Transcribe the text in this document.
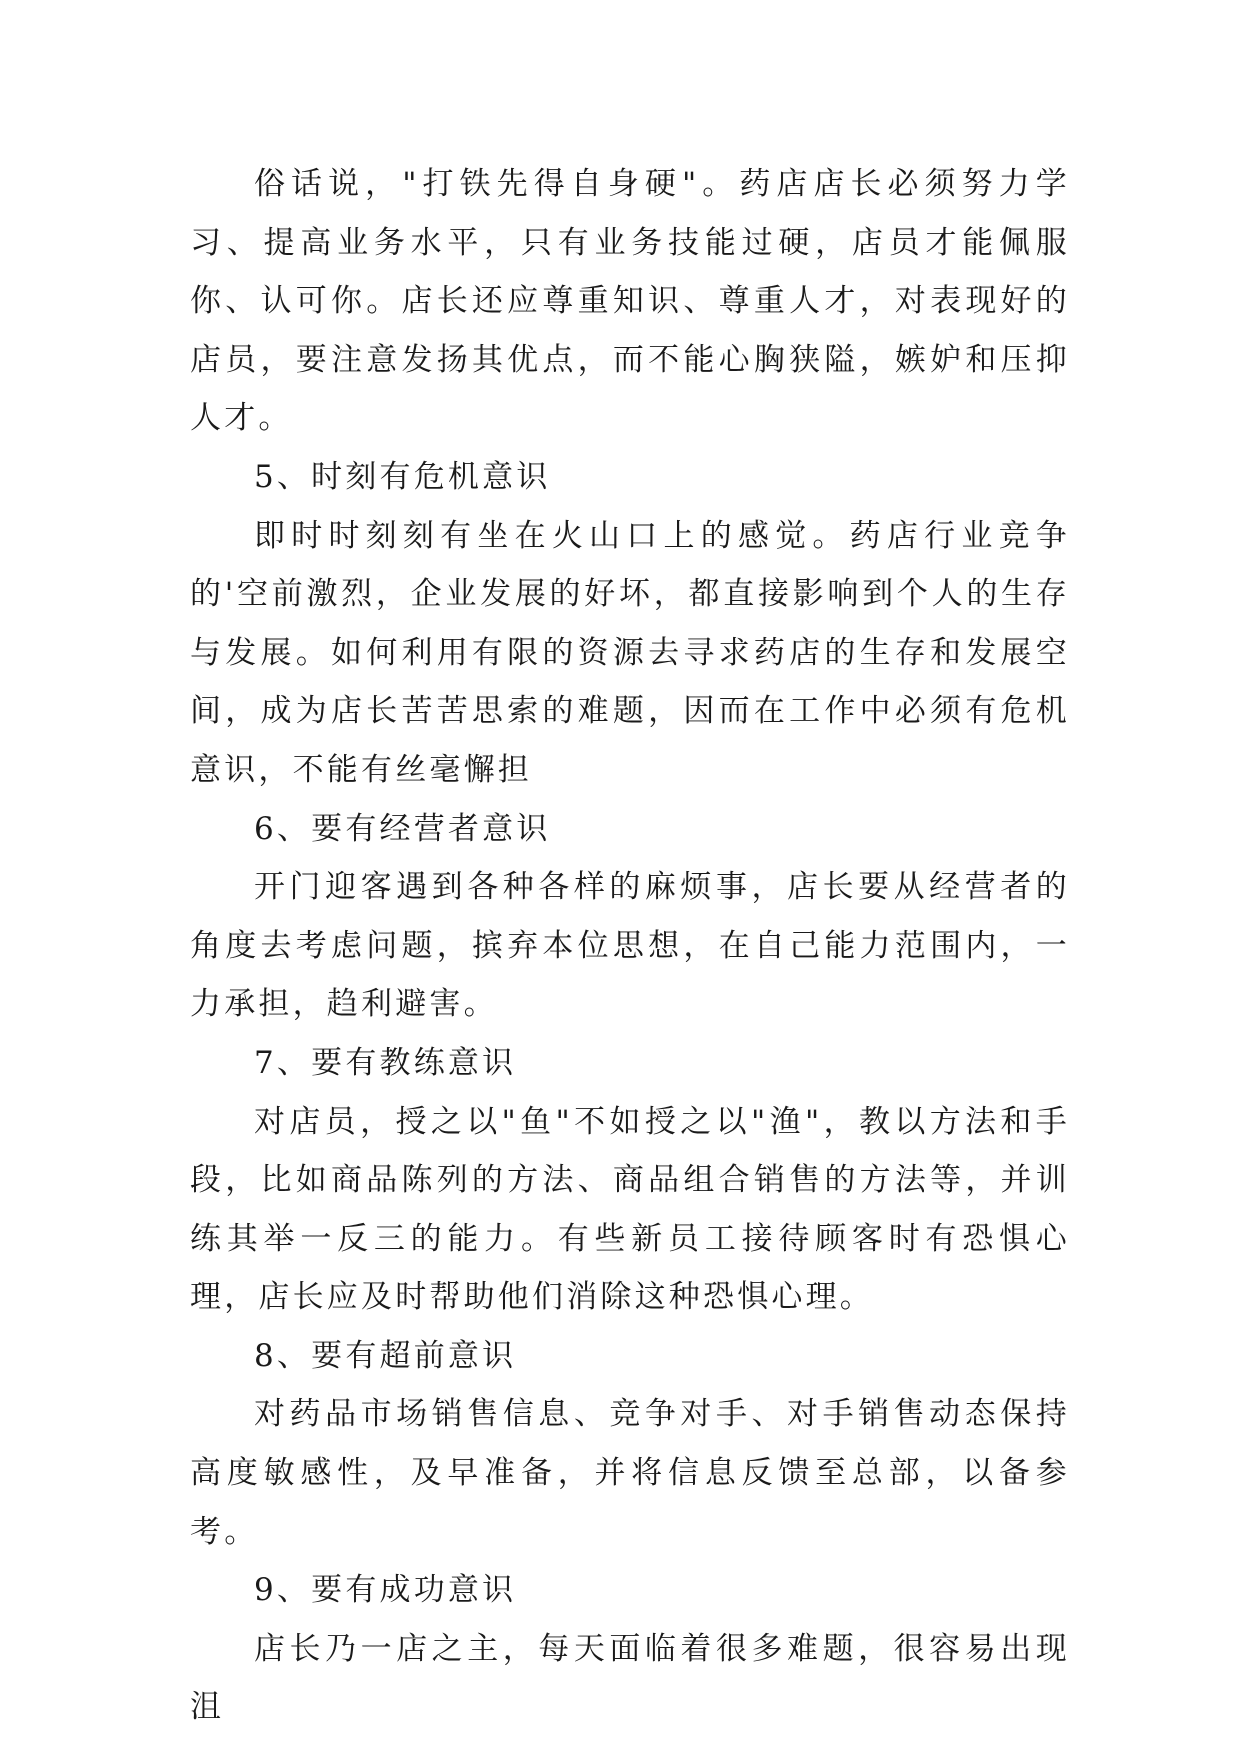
俗话说，"打铁先得自身硬"。药店店长必须努力学习、提高业务水平，只有业务技能过硬，店员才能佩服你、认可你。店长还应尊重知识、尊重人才，对表现好的店员，要注意发扬其优点，而不能心胸狭隘，嫉妒和压抑人才。

5、时刻有危机意识

即时时刻刻有坐在火山口上的感觉。药店行业竞争的'空前激烈，企业发展的好坏，都直接影响到个人的生存与发展。如何利用有限的资源去寻求药店的生存和发展空间，成为店长苦苦思索的难题，因而在工作中必须有危机意识，不能有丝毫懈担

6、要有经营者意识

开门迎客遇到各种各样的麻烦事，店长要从经营者的角度去考虑问题，摈弃本位思想，在自己能力范围内，一力承担，趋利避害。

7、要有教练意识

对店员，授之以"鱼"不如授之以"渔"，教以方法和手段，比如商品陈列的方法、商品组合销售的方法等，并训练其举一反三的能力。有些新员工接待顾客时有恐惧心理，店长应及时帮助他们消除这种恐惧心理。

8、要有超前意识

对药品市场销售信息、竞争对手、对手销售动态保持高度敏感性，及早准备，并将信息反馈至总部，以备参考。

9、要有成功意识

店长乃一店之主，每天面临着很多难题，很容易出现沮
